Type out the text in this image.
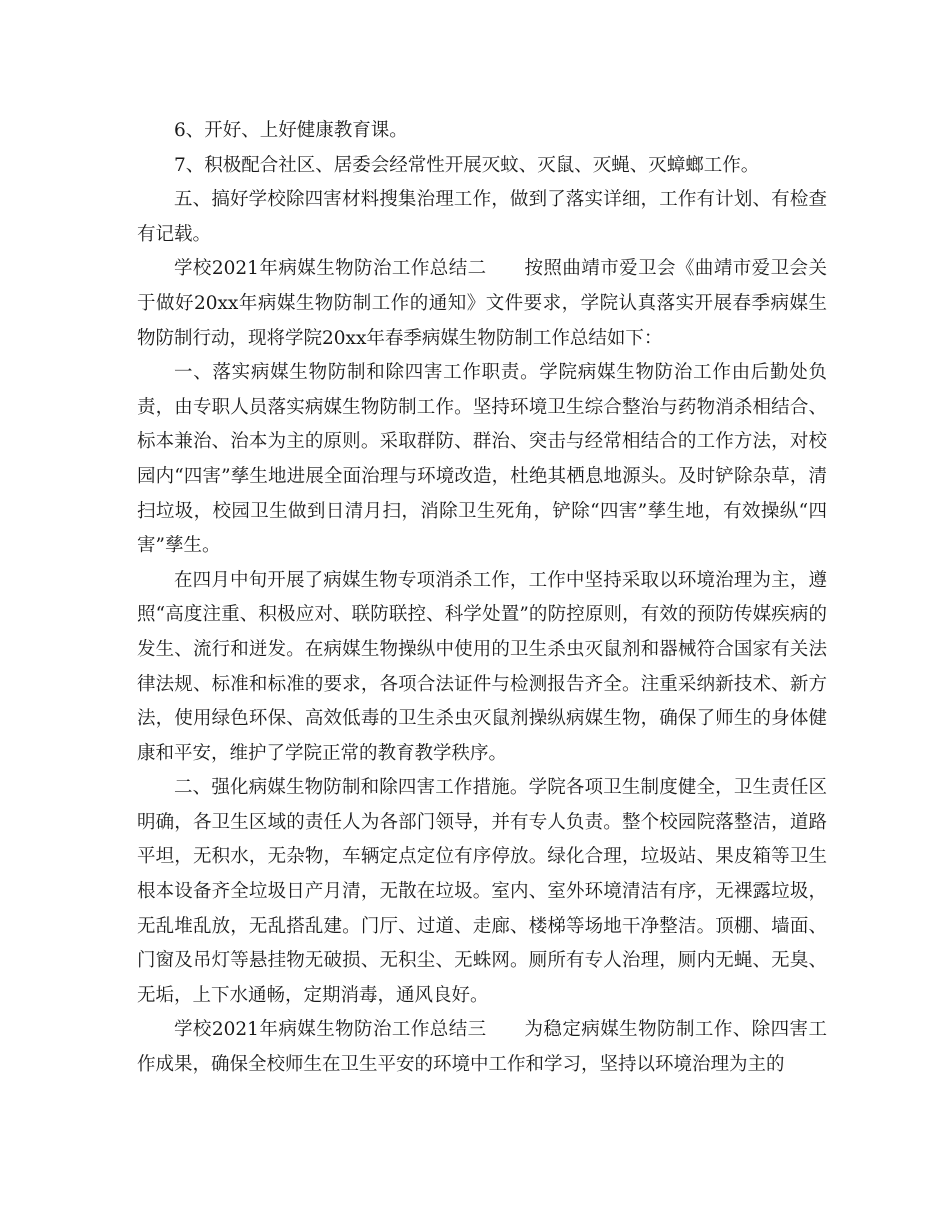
6、开好、上好健康教育课。

7、积极配合社区、居委会经常性开展灭蚊、灭鼠、灭蝇、灭蟑螂工作。

五、搞好学校除四害材料搜集治理工作，做到了落实详细，工作有计划、有检查有记载。

学校2021年病媒生物防治工作总结二　　按照曲靖市爱卫会《曲靖市爱卫会关于做好20xx年病媒生物防制工作的通知》文件要求，学院认真落实开展春季病媒生物防制行动，现将学院20xx年春季病媒生物防制工作总结如下：

一、落实病媒生物防制和除四害工作职责。学院病媒生物防治工作由后勤处负责，由专职人员落实病媒生物防制工作。坚持环境卫生综合整治与药物消杀相结合、标本兼治、治本为主的原则。采取群防、群治、突击与经常相结合的工作方法，对校园内“四害”孳生地进展全面治理与环境改造，杜绝其栖息地源头。及时铲除杂草，清扫垃圾，校园卫生做到日清月扫，消除卫生死角，铲除“四害”孳生地，有效操纵“四害”孳生。

在四月中旬开展了病媒生物专项消杀工作，工作中坚持采取以环境治理为主，遵照“高度注重、积极应对、联防联控、科学处置”的防控原则，有效的预防传媒疾病的发生、流行和迸发。在病媒生物操纵中使用的卫生杀虫灭鼠剂和器械符合国家有关法律法规、标准和标准的要求，各项合法证件与检测报告齐全。注重采纳新技术、新方法，使用绿色环保、高效低毒的卫生杀虫灭鼠剂操纵病媒生物，确保了师生的身体健康和平安，维护了学院正常的教育教学秩序。

二、强化病媒生物防制和除四害工作措施。学院各项卫生制度健全，卫生责任区明确，各卫生区域的责任人为各部门领导，并有专人负责。整个校园院落整洁，道路平坦，无积水，无杂物，车辆定点定位有序停放。绿化合理，垃圾站、果皮箱等卫生根本设备齐全垃圾日产月清，无散在垃圾。室内、室外环境清洁有序，无裸露垃圾，无乱堆乱放，无乱搭乱建。门厅、过道、走廊、楼梯等场地干净整洁。顶棚、墙面、门窗及吊灯等悬挂物无破损、无积尘、无蛛网。厕所有专人治理，厕内无蝇、无臭、无垢，上下水通畅，定期消毒，通风良好。

学校2021年病媒生物防治工作总结三　　为稳定病媒生物防制工作、除四害工作成果，确保全校师生在卫生平安的环境中工作和学习，坚持以环境治理为主的
